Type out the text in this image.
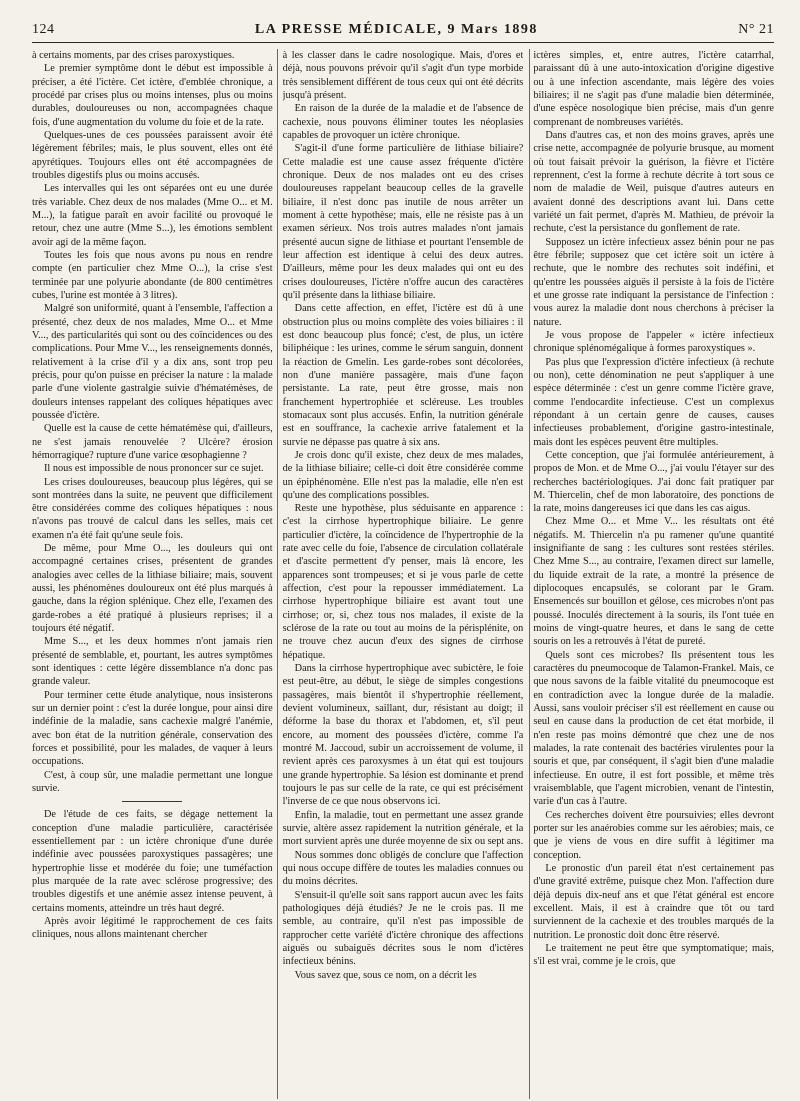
124	LA PRESSE MÉDICALE, 9 Mars 1898	N° 21

à certains moments, par des crises paroxystiques.

Le premier symptôme dont le début est impossible à préciser, a été l'ictère. Cet ictère, d'emblée chronique, a procédé par crises plus ou moins intenses, plus ou moins durables, douloureuses ou non, accompagnées chaque fois, d'une augmentation du volume du foie et de la rate.

Quelques-unes de ces poussées paraissent avoir été légèrement fébriles; mais, le plus souvent, elles ont été apyrétiques. Toujours elles ont été accompagnées de troubles digestifs plus ou moins accusés.

Les intervalles qui les ont séparées ont eu une durée très variable. Chez deux de nos malades (Mme O... et M. M...), la fatigue paraît en avoir facilité ou provoqué le retour, chez une autre (Mme S...), les émotions semblent avoir agi de la même façon.

Toutes les fois que nous avons pu nous en rendre compte (en particulier chez Mme O...), la crise s'est terminée par une polyurie abondante (de 800 centimètres cubes, l'urine est montée à 3 litres).

Malgré son uniformité, quant à l'ensemble, l'affection a présenté, chez deux de nos malades, Mme O... et Mme V..., des particularités qui sont ou des coïncidences ou des complications. Pour Mme V..., les renseignements donnés, relativement à la crise d'il y a dix ans, sont trop peu précis, pour qu'on puisse en préciser la nature : la malade parle d'une violente gastralgie suivie d'hématémèses, de douleurs intenses rappelant des coliques hépatiques avec poussée d'ictère.

Quelle est la cause de cette hématémèse qui, d'ailleurs, ne s'est jamais renouvelée ? Ulcère? érosion hémorragique? rupture d'une varice œsophagienne ?

Il nous est impossible de nous prononcer sur ce sujet.

Les crises douloureuses, beaucoup plus légères, qui se sont montrées dans la suite, ne peuvent que difficilement être considérées comme des coliques hépatiques : nous n'avons pas trouvé de calcul dans les selles, mais cet examen n'a été fait qu'une seule fois.

De même, pour Mme O..., les douleurs qui ont accompagné certaines crises, présentent de grandes analogies avec celles de la lithiase biliaire; mais, souvent aussi, les phénomènes douloureux ont été plus marqués à gauche, dans la région splénique. Chez elle, l'examen des garde-robes a été pratiqué à plusieurs reprises; il a toujours été négatif.

Mme S..., et les deux hommes n'ont jamais rien présenté de semblable, et, pourtant, les autres symptômes sont identiques : cette légère dissemblance n'a donc pas grande valeur.

Pour terminer cette étude analytique, nous insisterons sur un dernier point : c'est la durée longue, pour ainsi dire indéfinie de la maladie, sans cachexie malgré l'anémie, avec bon état de la nutrition générale, conservation des forces et possibilité, pour les malades, de vaquer à leurs occupations.

C'est, à coup sûr, une maladie permettant une longue survie.

De l'étude de ces faits, se dégage nettement la conception d'une maladie particulière, caractérisée essentiellement par : un ictère chronique d'une durée indéfinie avec poussées paroxystiques passagères; une hypertrophie lisse et modérée du foie; une tuméfaction plus marquée de la rate avec sclérose progressive; des troubles digestifs et une anémie assez intense peuvent, à certains moments, atteindre un très haut degré.

Après avoir légitimé le rapprochement de ces faits cliniques, nous allons maintenant chercher

à les classer dans le cadre nosologique. Mais, d'ores et déjà, nous pouvons prévoir qu'il s'agit d'un type morbide très sensiblement différent de tous ceux qui ont été décrits jusqu'à présent.

En raison de la durée de la maladie et de l'absence de cachexie, nous pouvons éliminer toutes les néoplasies capables de provoquer un ictère chronique.

S'agit-il d'une forme particulière de lithiase biliaire? Cette maladie est une cause assez fréquente d'ictère chronique. Deux de nos malades ont eu des crises douloureuses rappelant beaucoup celles de la gravelle biliaire, il n'est donc pas inutile de nous arrêter un moment à cette hypothèse; mais, elle ne résiste pas à un examen sérieux. Nos trois autres malades n'ont jamais présenté aucun signe de lithiase et pourtant l'ensemble de leur affection est identique à celui des deux autres. D'ailleurs, même pour les deux malades qui ont eu des crises douloureuses, l'ictère n'offre aucun des caractères qu'il présente dans la lithiase biliaire.

Dans cette affection, en effet, l'ictère est dû à une obstruction plus ou moins complète des voies biliaires : il est donc beaucoup plus foncé; c'est, de plus, un ictère biliphéique : les urines, comme le sérum sanguin, donnent la réaction de Gmelin. Les garde-robes sont décolorées, non d'une manière passagère, mais d'une façon persistante. La rate, peut être grosse, mais non franchement hypertrophiée et scléreuse. Les troubles stomacaux sont plus accusés. Enfin, la nutrition générale est en souffrance, la cachexie arrive fatalement et la survie ne dépasse pas quatre à six ans.

Je crois donc qu'il existe, chez deux de mes malades, de la lithiase biliaire; celle-ci doit être considérée comme un épiphénomène. Elle n'est pas la maladie, elle n'en est qu'une des complications possibles.

Reste une hypothèse, plus séduisante en apparence : c'est la cirrhose hypertrophique biliaire. Le genre particulier d'ictère, la coïncidence de l'hypertrophie de la rate avec celle du foie, l'absence de circulation collatérale et d'ascite permettent d'y penser, mais là encore, les apparences sont trompeuses; et si je vous parle de cette affection, c'est pour la repousser immédiatement. La cirrhose hypertrophique biliaire est avant tout une cirrhose; or, si, chez tous nos malades, il existe de la sclérose de la rate ou tout au moins de la périsplénite, on ne trouve chez aucun d'eux des signes de cirrhose hépatique.

Dans la cirrhose hypertrophique avec subictère, le foie est peut-être, au début, le siège de simples congestions passagères, mais bientôt il s'hypertrophie réellement, devient volumineux, saillant, dur, résistant au doigt; il déforme la base du thorax et l'abdomen, et, s'il peut encore, au moment des poussées d'ictère, comme l'a montré M. Jaccoud, subir un accroissement de volume, il revient après ces paroxysmes à un état qui est toujours une grande hypertrophie. Sa lésion est dominante et prend toujours le pas sur celle de la rate, ce qui est précisément l'inverse de ce que nous observons ici.

Enfin, la maladie, tout en permettant une assez grande survie, altère assez rapidement la nutrition générale, et la mort survient après une durée moyenne de six ou sept ans.

Nous sommes donc obligés de conclure que l'affection qui nous occupe diffère de toutes les maladies connues ou du moins décrites.

S'ensuit-il qu'elle soit sans rapport aucun avec les faits pathologiques déjà étudiés? Je ne le crois pas. Il me semble, au contraire, qu'il n'est pas impossible de rapprocher cette variété d'ictère chronique des affections aiguës ou subaiguës décrites sous le nom d'ictères infectieux bénins.

Vous savez que, sous ce nom, on a décrit les

ictères simples, et, entre autres, l'ictère catarrhal, paraissant dû à une auto-intoxication d'origine digestive ou à une infection ascendante, mais légère des voies biliaires; il ne s'agit pas d'une maladie bien déterminée, d'une espèce nosologique bien précise, mais d'un genre comprenant de nombreuses variétés.

Dans d'autres cas, et non des moins graves, après une crise nette, accompagnée de polyurie brusque, au moment où tout faisait prévoir la guérison, la fièvre et l'ictère reprennent, c'est la forme à rechute décrite à tort sous ce nom de maladie de Weil, puisque d'autres auteurs en avaient donné des descriptions avant lui. Dans cette variété un fait permet, d'après M. Mathieu, de prévoir la rechute, c'est la persistance du gonflement de rate.

Supposez un ictère infectieux assez bénin pour ne pas être fébrile; supposez que cet ictère soit un ictère à rechute, que le nombre des rechutes soit indéfini, et qu'entre les poussées aiguës il persiste à la fois de l'ictère et une grosse rate indiquant la persistance de l'infection : vous aurez la maladie dont nous cherchons à préciser la nature.

Je vous propose de l'appeler « ictère infectieux chronique splénomégalique à formes paroxystiques ».

Pas plus que l'expression d'ictère infectieux (à rechute ou non), cette dénomination ne peut s'appliquer à une espèce déterminée : c'est un genre comme l'ictère grave, comme l'endocardite infectieuse. C'est un complexus répondant à un certain genre de causes, causes infectieuses probablement, d'origine gastro-intestinale, mais dont les espèces peuvent être multiples.

Cette conception, que j'ai formulée antérieurement, à propos de Mon. et de Mme O..., j'ai voulu l'étayer sur des recherches bactériologiques. J'ai donc fait pratiquer par M. Thiercelin, chef de mon laboratoire, des ponctions de la rate, moins dangereuses ici que dans les cas aigus.

Chez Mme O... et Mme V... les résultats ont été négatifs. M. Thiercelin n'a pu ramener qu'une quantité insignifiante de sang : les cultures sont restées stériles. Chez Mme S..., au contraire, l'examen direct sur lamelle, du liquide extrait de la rate, a montré la présence de diplocoques encapsulés, se colorant par le Gram. Ensemencés sur bouillon et gélose, ces microbes n'ont pas poussé. Inoculés directement à la souris, ils l'ont tuée en moins de vingt-quatre heures, et dans le sang de cette souris on les a retrouvés à l'état de pureté.

Quels sont ces microbes? Ils présentent tous les caractères du pneumocoque de Talamon-Frankel. Mais, ce que nous savons de la faible vitalité du pneumocoque est en contradiction avec la longue durée de la maladie. Aussi, sans vouloir préciser s'il est réellement en cause ou seul en cause dans la production de cet état morbide, il n'en reste pas moins démontré que chez une de nos malades, la rate contenait des bactéries virulentes pour la souris et que, par conséquent, il s'agit bien d'une maladie infectieuse. En outre, il est fort possible, et même très vraisemblable, que l'agent microbien, venant de l'intestin, varie d'un cas à l'autre.

Ces recherches doivent être poursuivies; elles devront porter sur les anaérobies comme sur les aérobies; mais, ce que je viens de vous en dire suffit à légitimer ma conception.

Le pronostic d'un pareil état n'est certainement pas d'une gravité extrême, puisque chez Mon. l'affection dure déjà depuis dix-neuf ans et que l'état général est encore excellent. Mais, il est à craindre que tôt ou tard surviennent de la cachexie et des troubles marqués de la nutrition. Le pronostic doit donc être réservé.

Le traitement ne peut être que symptomatique; mais, s'il est vrai, comme je le crois, que
